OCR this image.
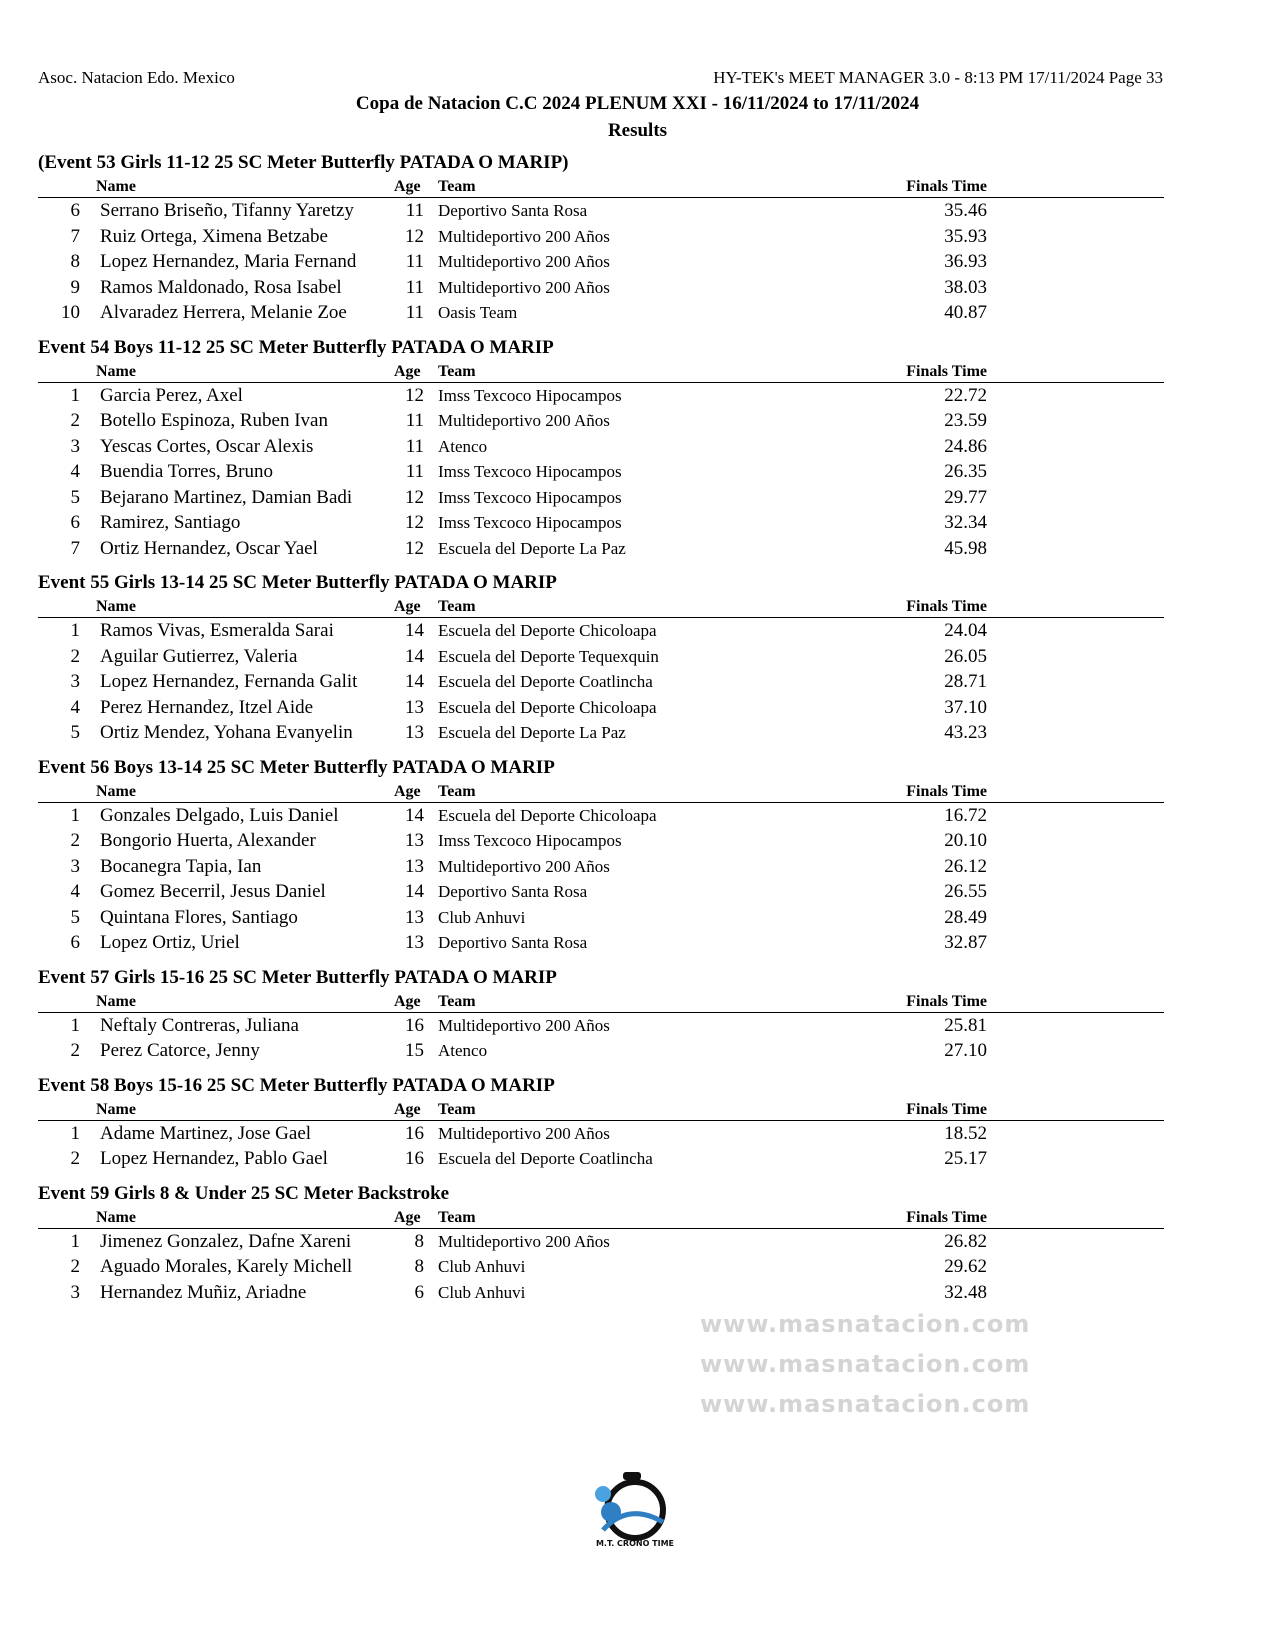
Asoc. Natacion Edo. Mexico	HY-TEK's MEET MANAGER 3.0 - 8:13 PM 17/11/2024 Page 33
Copa de Natacion C.C 2024 PLENUM XXI - 16/11/2024 to 17/11/2024
Results
(Event 53 Girls 11-12 25 SC Meter Butterfly PATADA O MARIP)
Name	Age Team	Finals Time
6 Serrano Briseño, Tifanny Yaretzy	11 Deportivo Santa Rosa	35.46
7 Ruiz Ortega, Ximena Betzabe	12 Multideportivo 200 Años	35.93
8 Lopez Hernandez, Maria Fernand	11 Multideportivo 200 Años	36.93
9 Ramos Maldonado, Rosa Isabel	11 Multideportivo 200 Años	38.03
10 Alvaradez Herrera, Melanie Zoe	11 Oasis Team	40.87
Event 54 Boys 11-12 25 SC Meter Butterfly PATADA O MARIP
Name	Age Team	Finals Time
1 Garcia Perez, Axel	12 Imss Texcoco Hipocampos	22.72
2 Botello Espinoza, Ruben Ivan	11 Multideportivo 200 Años	23.59
3 Yescas Cortes, Oscar Alexis	11 Atenco	24.86
4 Buendia Torres, Bruno	11 Imss Texcoco Hipocampos	26.35
5 Bejarano Martinez, Damian Badi	12 Imss Texcoco Hipocampos	29.77
6 Ramirez, Santiago	12 Imss Texcoco Hipocampos	32.34
7 Ortiz Hernandez, Oscar Yael	12 Escuela del Deporte La Paz	45.98
Event 55 Girls 13-14 25 SC Meter Butterfly PATADA O MARIP
Name	Age Team	Finals Time
1 Ramos Vivas, Esmeralda Sarai	14 Escuela del Deporte Chicoloapa	24.04
2 Aguilar Gutierrez, Valeria	14 Escuela del Deporte Tequexquin	26.05
3 Lopez Hernandez, Fernanda Galit	14 Escuela del Deporte Coatlincha	28.71
4 Perez Hernandez, Itzel Aide	13 Escuela del Deporte Chicoloapa	37.10
5 Ortiz Mendez, Yohana Evanyelin	13 Escuela del Deporte La Paz	43.23
Event 56 Boys 13-14 25 SC Meter Butterfly PATADA O MARIP
Name	Age Team	Finals Time
1 Gonzales Delgado, Luis Daniel	14 Escuela del Deporte Chicoloapa	16.72
2 Bongorio Huerta, Alexander	13 Imss Texcoco Hipocampos	20.10
3 Bocanegra Tapia, Ian	13 Multideportivo 200 Años	26.12
4 Gomez Becerril, Jesus Daniel	14 Deportivo Santa Rosa	26.55
5 Quintana Flores, Santiago	13 Club Anhuvi	28.49
6 Lopez Ortiz, Uriel	13 Deportivo Santa Rosa	32.87
Event 57 Girls 15-16 25 SC Meter Butterfly PATADA O MARIP
Name	Age Team	Finals Time
1 Neftaly Contreras, Juliana	16 Multideportivo 200 Años	25.81
2 Perez Catorce, Jenny	15 Atenco	27.10
Event 58 Boys 15-16 25 SC Meter Butterfly PATADA O MARIP
Name	Age Team	Finals Time
1 Adame Martinez, Jose Gael	16 Multideportivo 200 Años	18.52
2 Lopez Hernandez, Pablo Gael	16 Escuela del Deporte Coatlincha	25.17
Event 59 Girls 8 & Under 25 SC Meter Backstroke
Name	Age Team	Finals Time
1 Jimenez Gonzalez, Dafne Xareni	8 Multideportivo 200 Años	26.82
2 Aguado Morales, Karely Michell	8 Club Anhuvi	29.62
3 Hernandez Muñiz, Ariadne	6 Club Anhuvi	32.48
www.masnatacion.com
www.masnatacion.com
www.masnatacion.com
M.T. CRONO TIME
